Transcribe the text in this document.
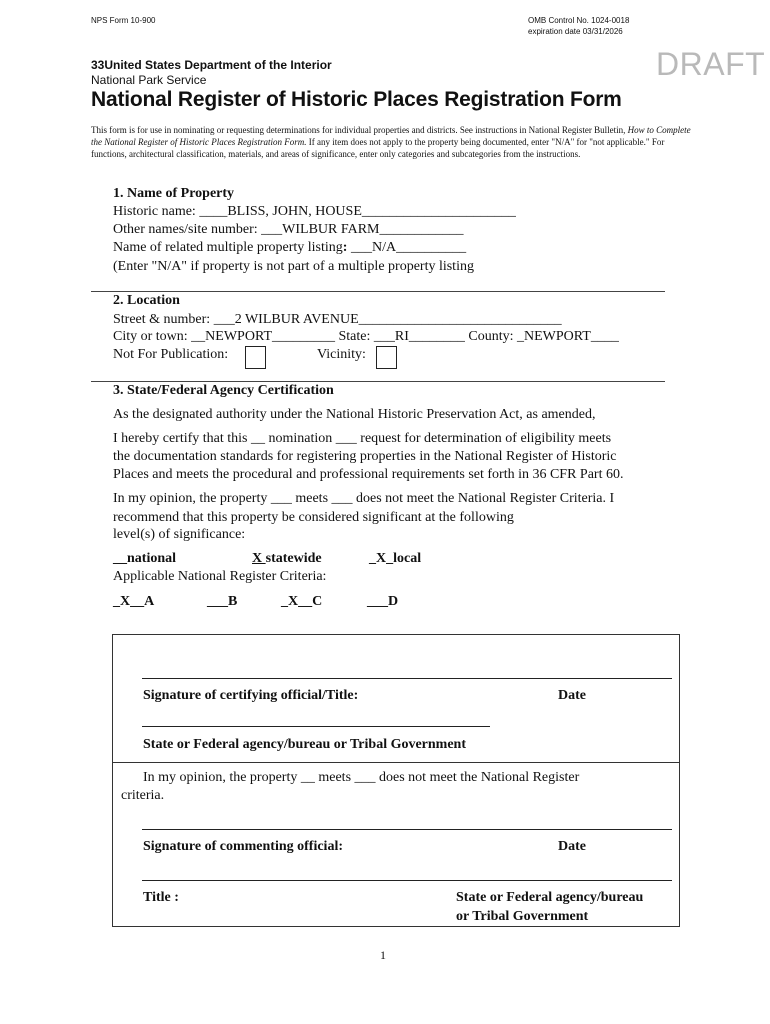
NPS Form 10-900	OMB Control No. 1024-0018
expiration date 03/31/2026
33United States Department of the Interior
National Park Service	DRAFT
National Register of Historic Places Registration Form
This form is for use in nominating or requesting determinations for individual properties and districts. See instructions in National Register Bulletin, How to Complete the National Register of Historic Places Registration Form. If any item does not apply to the property being documented, enter "N/A" for "not applicable." For functions, architectural classification, materials, and areas of significance, enter only categories and subcategories from the instructions.
1. Name of Property
Historic name: ____BLISS, JOHN, HOUSE______________________
Other names/site number: ___WILBUR FARM____________
Name of related multiple property listing: ___N/A__________
(Enter "N/A" if property is not part of a multiple property listing
2. Location
Street & number: ___2 WILBUR AVENUE_____________________________
City or town: __NEWPORT_________ State: ___RI________ County: _NEWPORT____
Not For Publication:	Vicinity:
3. State/Federal Agency Certification
As the designated authority under the National Historic Preservation Act, as amended,
I hereby certify that this __ nomination ___ request for determination of eligibility meets
the documentation standards for registering properties in the National Register of Historic
Places and meets the procedural and professional requirements set forth in 36 CFR Part 60.
In my opinion, the property ___ meets ___ does not meet the National Register Criteria. I
recommend that this property be considered significant at the following
level(s) of significance:
__national	X statewide	_X_local
Applicable National Register Criteria:
_X__A	___B	_X__C	___D
Signature of certifying official/Title:	Date
State or Federal agency/bureau or Tribal Government
In my opinion, the property __ meets ___ does not meet the National Register
criteria.
Signature of commenting official:	Date
Title :	State or Federal agency/bureau
or Tribal Government
1
